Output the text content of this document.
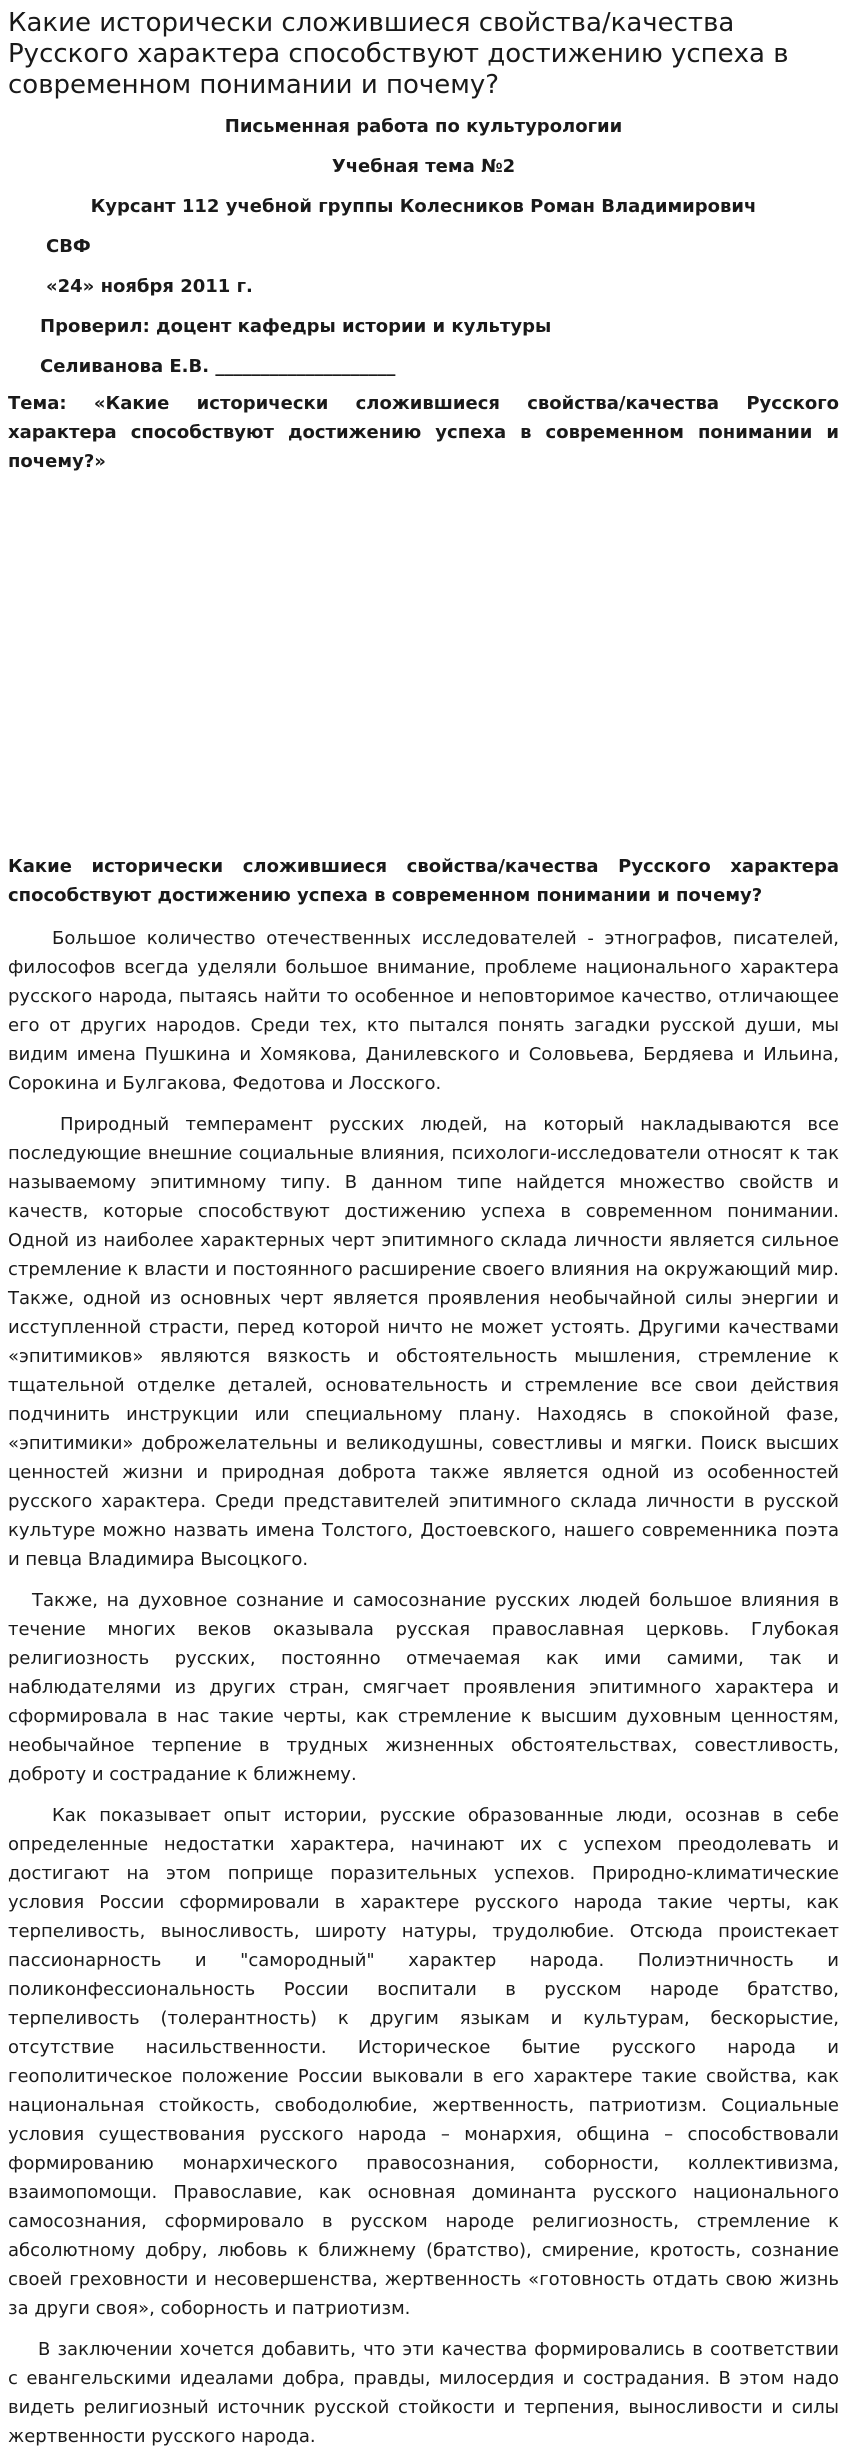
Какие исторически сложившиеся свойства/качества Русского характера способствуют достижению успеха в современном понимании и почему?
Письменная работа по культурологии
Учебная тема №2
Курсант 112 учебной группы Колесников Роман Владимирович
СВФ
«24» ноября 2011 г.
Проверил: доцент кафедры истории и культуры
Селиванова Е.В. ____________________

Тема: «Какие исторически сложившиеся свойства/качества Русского характера способствуют достижению успеха в современном понимании и почему?»

Какие исторически сложившиеся свойства/качества Русского характера способствуют достижению успеха в современном понимании и почему?

Большое количество отечественных исследователей - этнографов, писателей, философов всегда уделяли большое внимание, проблеме национального характера русского народа, пытаясь найти то особенное и неповторимое качество, отличающее его от других народов. Среди тех, кто пытался понять загадки русской души, мы видим имена Пушкина и Хомякова, Данилевского и Соловьева, Бердяева и Ильина, Сорокина и Булгакова, Федотова и Лосского.

Природный темперамент русских людей, на который накладываются все последующие внешние социальные влияния, психологи-исследователи относят к так называемому эпитимному типу. В данном типе найдется множество свойств и качеств, которые способствуют достижению успеха в современном понимании. Одной из наиболее характерных черт эпитимного склада личности является сильное стремление к власти и постоянного расширение своего влияния на окружающий мир. Также, одной из основных черт является проявления необычайной силы энергии и исступленной страсти, перед которой ничто не может устоять. Другими качествами «эпитимиков» являются вязкость и обстоятельность мышления, стремление к тщательной отделке деталей, основательность и стремление все свои действия подчинить инструкции или специальному плану. Находясь в спокойной фазе, «эпитимики» доброжелательны и великодушны, совестливы и мягки. Поиск высших ценностей жизни и природная доброта также является одной из особенностей русского характера. Среди представителей эпитимного склада личности в русской культуре можно назвать имена Толстого, Достоевского, нашего современника поэта и певца Владимира Высоцкого.

Также, на духовное сознание и самосознание русских людей большое влияния в течение многих веков оказывала русская православная церковь. Глубокая религиозность русских, постоянно отмечаемая как ими самими, так и наблюдателями из других стран, смягчает проявления эпитимного характера и сформировала в нас такие черты, как стремление к высшим духовным ценностям, необычайное терпение в трудных жизненных обстоятельствах, совестливость, доброту и сострадание к ближнему.

Как показывает опыт истории, русские образованные люди, осознав в себе определенные недостатки характера, начинают их с успехом преодолевать и достигают на этом поприще поразительных успехов. Природно-климатические условия России сформировали в характере русского народа такие черты, как терпеливость, выносливость, широту натуры, трудолюбие. Отсюда проистекает пассионарность и "самородный" характер народа. Полиэтничность и поликонфессиональность России воспитали в русском народе братство, терпеливость (толерантность) к другим языкам и культурам, бескорыстие, отсутствие насильственности. Историческое бытие русского народа и геополитическое положение России выковали в его характере такие свойства, как национальная стойкость, свободолюбие, жертвенность, патриотизм. Социальные условия существования русского народа – монархия, община – способствовали формированию монархического правосознания, соборности, коллективизма, взаимопомощи. Православие, как основная доминанта русского национального самосознания, сформировало в русском народе религиозность, стремление к абсолютному добру, любовь к ближнему (братство), смирение, кротость, сознание своей греховности и несовершенства, жертвенность «готовность отдать свою жизнь за други своя», соборность и патриотизм.

В заключении хочется добавить, что эти качества формировались в соответствии с евангельскими идеалами добра, правды, милосердия и сострадания. В этом надо видеть религиозный источник русской стойкости и терпения, выносливости и силы жертвенности русского народа.
